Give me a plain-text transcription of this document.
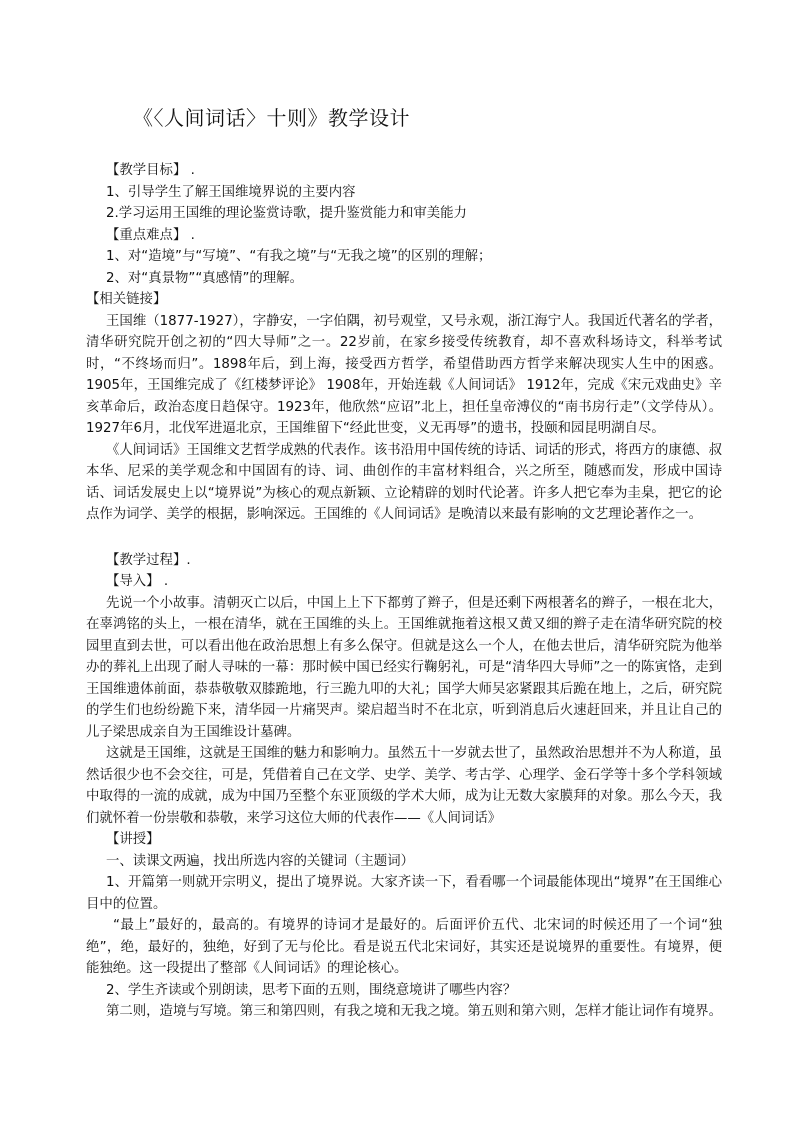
《〈人间词话〉十则》教学设计

【教学目标】 .

1、引导学生了解王国维境界说的主要内容

2.学习运用王国维的理论鉴赏诗歌，提升鉴赏能力和审美能力

【重点难点】 .

1、对“造境”与“写境”、“有我之境”与“无我之境”的区别的理解；

2、对“真景物”“真感情”的理解。

【相关链接】

王国维（1877-1927），字静安，一字伯隅，初号观堂，又号永观，浙江海宁人。我国近代著名的学者，清华研究院开创之初的“四大导师”之一。22岁前，在家乡接受传统教育，却不喜欢科场诗文，科举考试时，“不终场而归”。1898年后，到上海，接受西方哲学，希望借助西方哲学来解决现实人生中的困惑。1905年，王国维完成了《红楼梦评论》 1908年，开始连载《人间词话》 1912年，完成《宋元戏曲史》辛亥革命后，政治态度日趋保守。1923年，他欣然“应诏”北上，担任皇帝溥仪的“南书房行走”（文学侍从）。1927年6月，北伐军进逼北京，王国维留下“经此世变，义无再辱”的遗书，投颐和园昆明湖自尽。

《人间词话》王国维文艺哲学成熟的代表作。该书沿用中国传统的诗话、词话的形式，将西方的康德、叔本华、尼采的美学观念和中国固有的诗、词、曲创作的丰富材料组合，兴之所至，随感而发，形成中国诗话、词话发展史上以“境界说”为核心的观点新颖、立论精辟的划时代论著。许多人把它奉为圭臬，把它的论点作为词学、美学的根据，影响深远。王国维的《人间词话》是晚清以来最有影响的文艺理论著作之一。

【教学过程】.

【导入】 .

先说一个小故事。清朝灭亡以后，中国上上下下都剪了辫子，但是还剩下两根著名的辫子，一根在北大，在辜鸿铭的头上，一根在清华，就在王国维的头上。王国维就拖着这根又黄又细的辫子走在清华研究院的校园里直到去世，可以看出他在政治思想上有多么保守。但就是这么一个人，在他去世后，清华研究院为他举办的葬礼上出现了耐人寻味的一幕：那时候中国已经实行鞠躬礼，可是“清华四大导师”之一的陈寅恪，走到王国维遗体前面，恭恭敬敬双膝跪地，行三跪九叩的大礼；国学大师吴宓紧跟其后跪在地上，之后，研究院的学生们也纷纷跪下来，清华园一片痛哭声。梁启超当时不在北京，听到消息后火速赶回来，并且让自己的儿子梁思成亲自为王国维设计墓碑。

这就是王国维，这就是王国维的魅力和影响力。虽然五十一岁就去世了，虽然政治思想并不为人称道，虽然话很少也不会交往，可是，凭借着自己在文学、史学、美学、考古学、心理学、金石学等十多个学科领域中取得的一流的成就，成为中国乃至整个东亚顶级的学术大师，成为让无数大家膜拜的对象。那么今天，我们就怀着一份崇敬和恭敬，来学习这位大师的代表作——《人间词话》

【讲授】

一、读课文两遍，找出所选内容的关键词（主题词）

1、开篇第一则就开宗明义，提出了境界说。大家齐读一下，看看哪一个词最能体现出“境界”在王国维心目中的位置。

“最上”最好的，最高的。有境界的诗词才是最好的。后面评价五代、北宋词的时候还用了一个词“独绝”，绝，最好的，独绝，好到了无与伦比。看是说五代北宋词好，其实还是说境界的重要性。有境界，便能独绝。这一段提出了整部《人间词话》的理论核心。

2、学生齐读或个别朗读，思考下面的五则，围绕意境讲了哪些内容？

第二则，造境与写境。第三和第四则，有我之境和无我之境。第五则和第六则，怎样才能让词作有境界。
